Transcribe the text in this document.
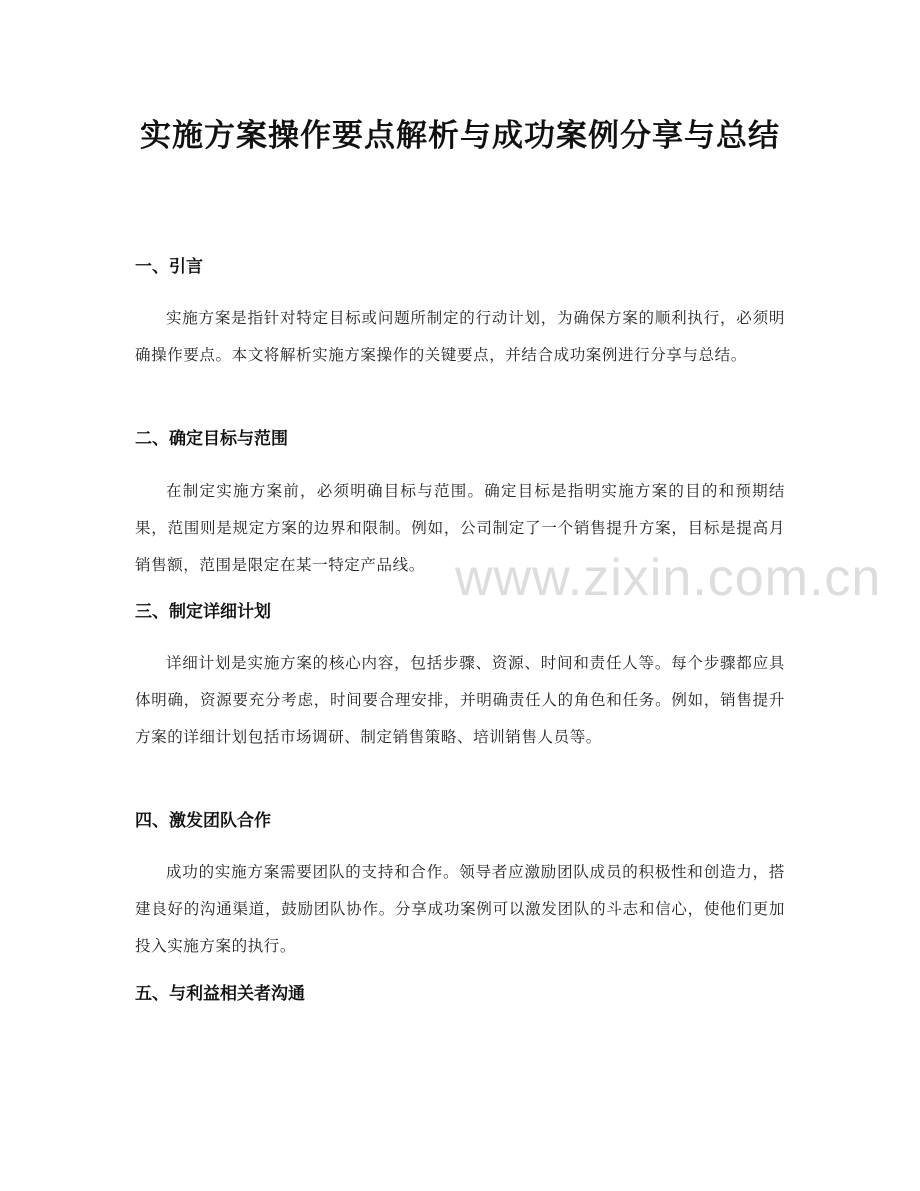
实施方案操作要点解析与成功案例分享与总结
一、引言

实施方案是指针对特定目标或问题所制定的行动计划，为确保方案的顺利执行，必须明确操作要点。本文将解析实施方案操作的关键要点，并结合成功案例进行分享与总结。

二、确定目标与范围

在制定实施方案前，必须明确目标与范围。确定目标是指明实施方案的目的和预期结果，范围则是规定方案的边界和限制。例如，公司制定了一个销售提升方案，目标是提高月销售额，范围是限定在某一特定产品线。

三、制定详细计划

详细计划是实施方案的核心内容，包括步骤、资源、时间和责任人等。每个步骤都应具体明确，资源要充分考虑，时间要合理安排，并明确责任人的角色和任务。例如，销售提升方案的详细计划包括市场调研、制定销售策略、培训销售人员等。

四、激发团队合作

成功的实施方案需要团队的支持和合作。领导者应激励团队成员的积极性和创造力，搭建良好的沟通渠道，鼓励团队协作。分享成功案例可以激发团队的斗志和信心，使他们更加投入实施方案的执行。

五、与利益相关者沟通
www.zixin.com.cn
